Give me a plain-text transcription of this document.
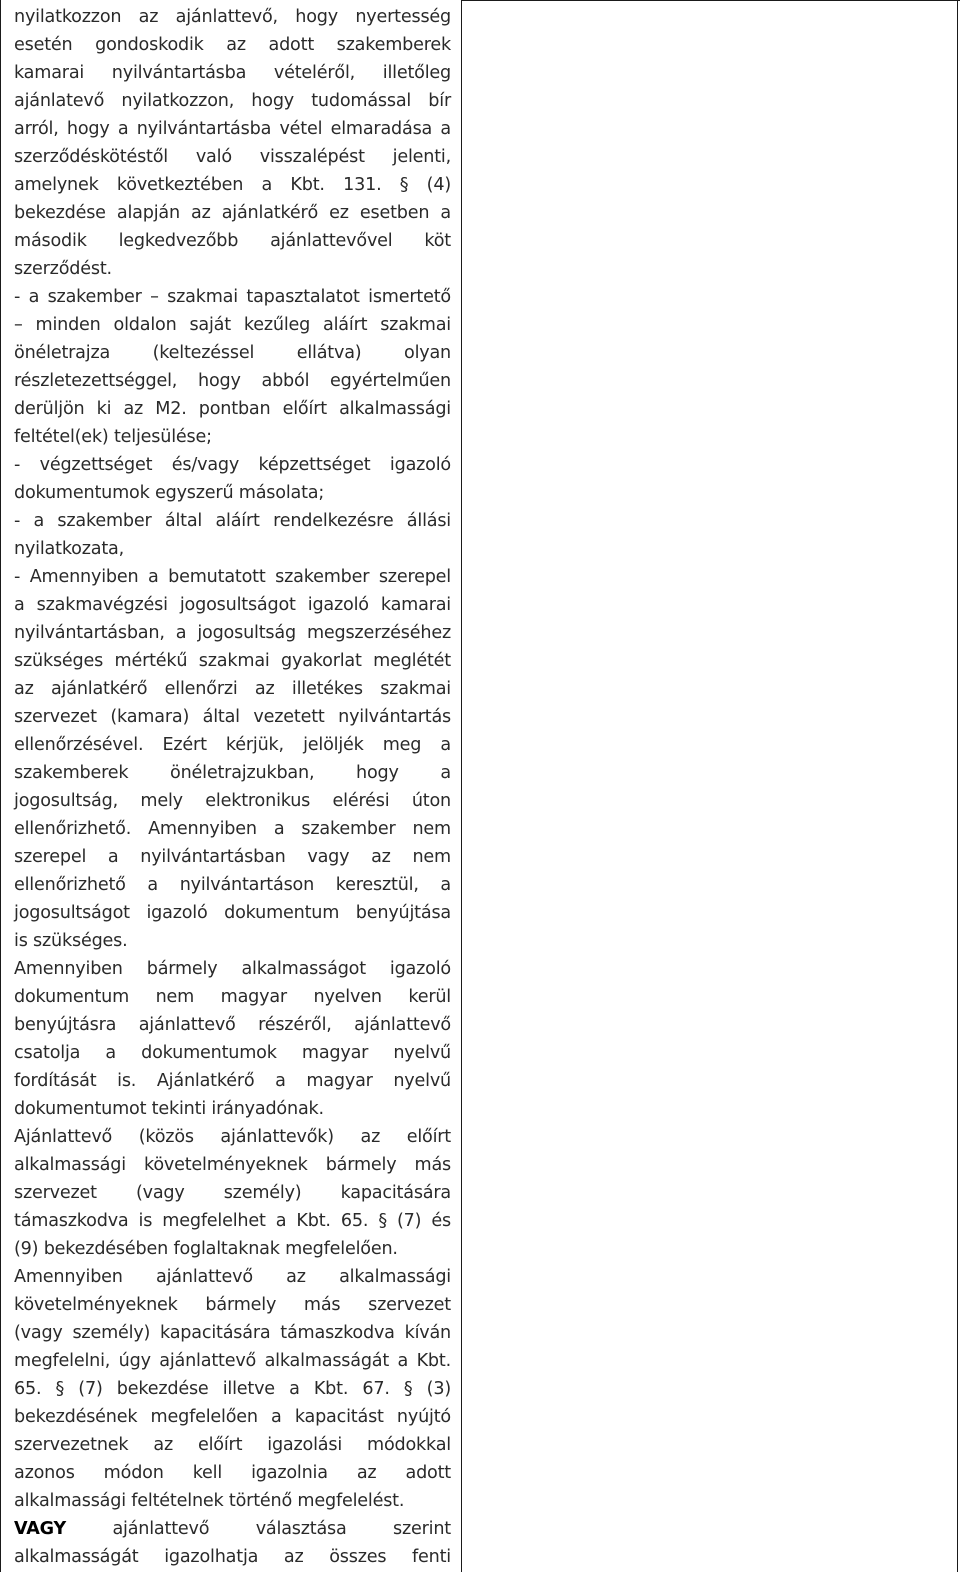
nyilatkozzon az ajánlattevő, hogy nyertesség
esetén gondoskodik az adott szakemberek
kamarai nyilvántartásba vételéről, illetőleg
ajánlatevő nyilatkozzon, hogy tudomással bír
arról, hogy a nyilvántartásba vétel elmaradása a
szerződéskötéstől való visszalépést jelenti,
amelynek következtében a Kbt. 131. § (4)
bekezdése alapján az ajánlatkérő ez esetben a
második legkedvezőbb ajánlattevővel köt
szerződést.
- a szakember – szakmai tapasztalatot ismertető
– minden oldalon saját kezűleg aláírt szakmai
önéletrajza (keltezéssel ellátva) olyan
részletezettséggel, hogy abból egyértelműen
derüljön ki az M2. pontban előírt alkalmassági
feltétel(ek) teljesülése;
- végzettséget és/vagy képzettséget igazoló
dokumentumok egyszerű másolata;
- a szakember által aláírt rendelkezésre állási
nyilatkozata,
- Amennyiben a bemutatott szakember szerepel
a szakmavégzési jogosultságot igazoló kamarai
nyilvántartásban, a jogosultság megszerzéséhez
szükséges mértékű szakmai gyakorlat meglétét
az ajánlatkérő ellenőrzi az illetékes szakmai
szervezet (kamara) által vezetett nyilvántartás
ellenőrzésével. Ezért kérjük, jelöljék meg a
szakemberek önéletrajzukban, hogy a
jogosultság, mely elektronikus elérési úton
ellenőrizhető. Amennyiben a szakember nem
szerepel a nyilvántartásban vagy az nem
ellenőrizhető a nyilvántartáson keresztül, a
jogosultságot igazoló dokumentum benyújtása
is szükséges.
Amennyiben bármely alkalmasságot igazoló
dokumentum nem magyar nyelven kerül
benyújtásra ajánlattevő részéről, ajánlattevő
csatolja a dokumentumok magyar nyelvű
fordítását is. Ajánlatkérő a magyar nyelvű
dokumentumot tekinti irányadónak.
Ajánlattevő (közös ajánlattevők) az előírt
alkalmassági követelményeknek bármely más
szervezet (vagy személy) kapacitására
támaszkodva is megfelelhet a Kbt. 65. § (7) és
(9) bekezdésében foglaltaknak megfelelően.
Amennyiben ajánlattevő az alkalmassági
követelményeknek bármely más szervezet
(vagy személy) kapacitására támaszkodva kíván
megfelelni, úgy ajánlattevő alkalmasságát a Kbt.
65. § (7) bekezdése illetve a Kbt. 67. § (3)
bekezdésének megfelelően a kapacitást nyújtó
szervezetnek az előírt igazolási módokkal
azonos módon kell igazolnia az adott
alkalmassági feltételnek történő megfelelést.
VAGY ajánlattevő választása szerint
alkalmasságát igazolhatja az összes fenti
